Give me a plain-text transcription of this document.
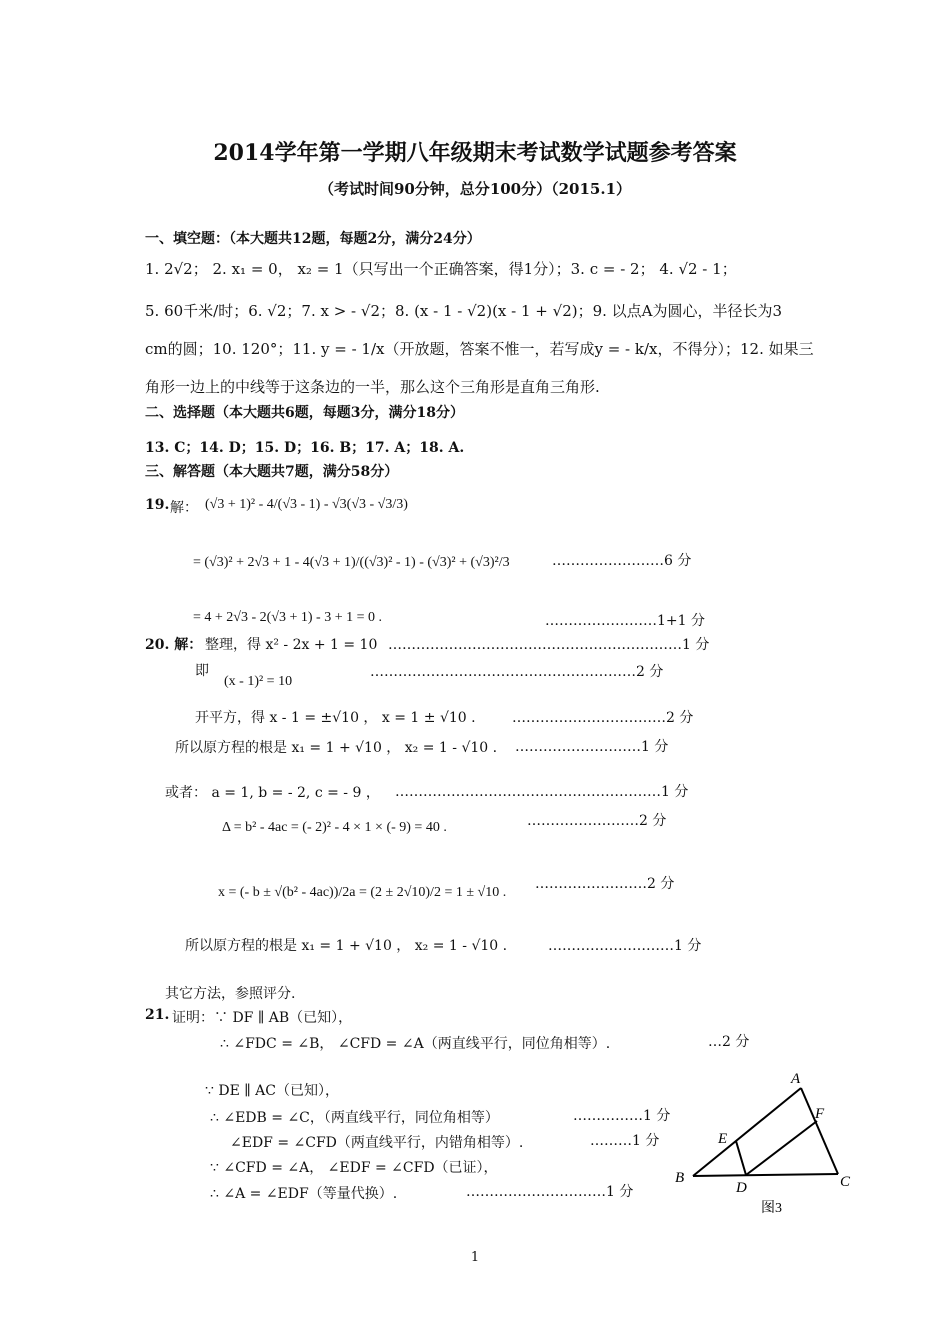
2014学年第一学期八年级期末考试数学试题参考答案
（考试时间90分钟，总分100分）（2015.1）
一、填空题：（本大题共12题，每题2分，满分24分）
1. 2√2； 2. x₁ = 0， x₂ = 1（只写出一个正确答案，得1分）；3. c = - 2； 4. √2 - 1；
5. 60千米/时；6. √2；7. x > - √2；8. (x - 1 - √2)(x - 1 + √2)；9. 以点A为圆心，半径长为3
cm的圆；10. 120°；11. y = - 1/x（开放题，答案不惟一，若写成y = - k/x，不得分）；12. 如果三
角形一边上的中线等于这条边的一半，那么这个三角形是直角三角形.
二、选择题（本大题共6题，每题3分，满分18分）
13. C；14. D；15. D；16. B；17. A；18. A.
三、解答题（本大题共7题，满分58分）
19. 解： (√3 + 1)² - 4/(√3 - 1) - √3(√3 - √3/3)
= (√3)² + 2√3 + 1 - 4(√3 + 1)/((√3)² - 1) - (√3)² + (√3)²/3	……………………6 分
= 4 + 2√3 - 2(√3 + 1) - 3 + 1 = 0 .	……………………1+1 分
20. 解： 整理，得 x² - 2x + 1 = 10 ………………………………………………………1 分
即
(x - 1)² = 10
…………………………………………………2 分
开平方，得 x - 1 = ±√10 ， x = 1 ± √10 .	……………………………2 分
所以原方程的根是 x₁ = 1 + √10 ， x₂ = 1 - √10 . ………………………1 分
或者： a = 1, b = - 2, c = - 9 ， …………………………………………………1 分
Δ = b² - 4ac = (- 2)² - 4 × 1 × (- 9) = 40 .	……………………2 分
x = (- b ± √(b² - 4ac))/2a = (2 ± 2√10)/2 = 1 ± √10 .
……………………2 分
所以原方程的根是 x₁ = 1 + √10 ， x₂ = 1 - √10 .	………………………1 分
其它方法，参照评分.
21. 证明：∵ DF ∥ AB（已知），
∴ ∠FDC = ∠B， ∠CFD = ∠A（两直线平行，同位角相等）.	…2 分
∵ DE ∥ AC（已知），
∴ ∠EDB = ∠C，（两直线平行，同位角相等）	……………1 分
∠EDF = ∠CFD（两直线平行，内错角相等）.	………1 分
∵ ∠CFD = ∠A， ∠EDF = ∠CFD（已证），
∴ ∠A = ∠EDF（等量代换）.	…………………………1 分
A
B	C
D
E
F
图3
1
